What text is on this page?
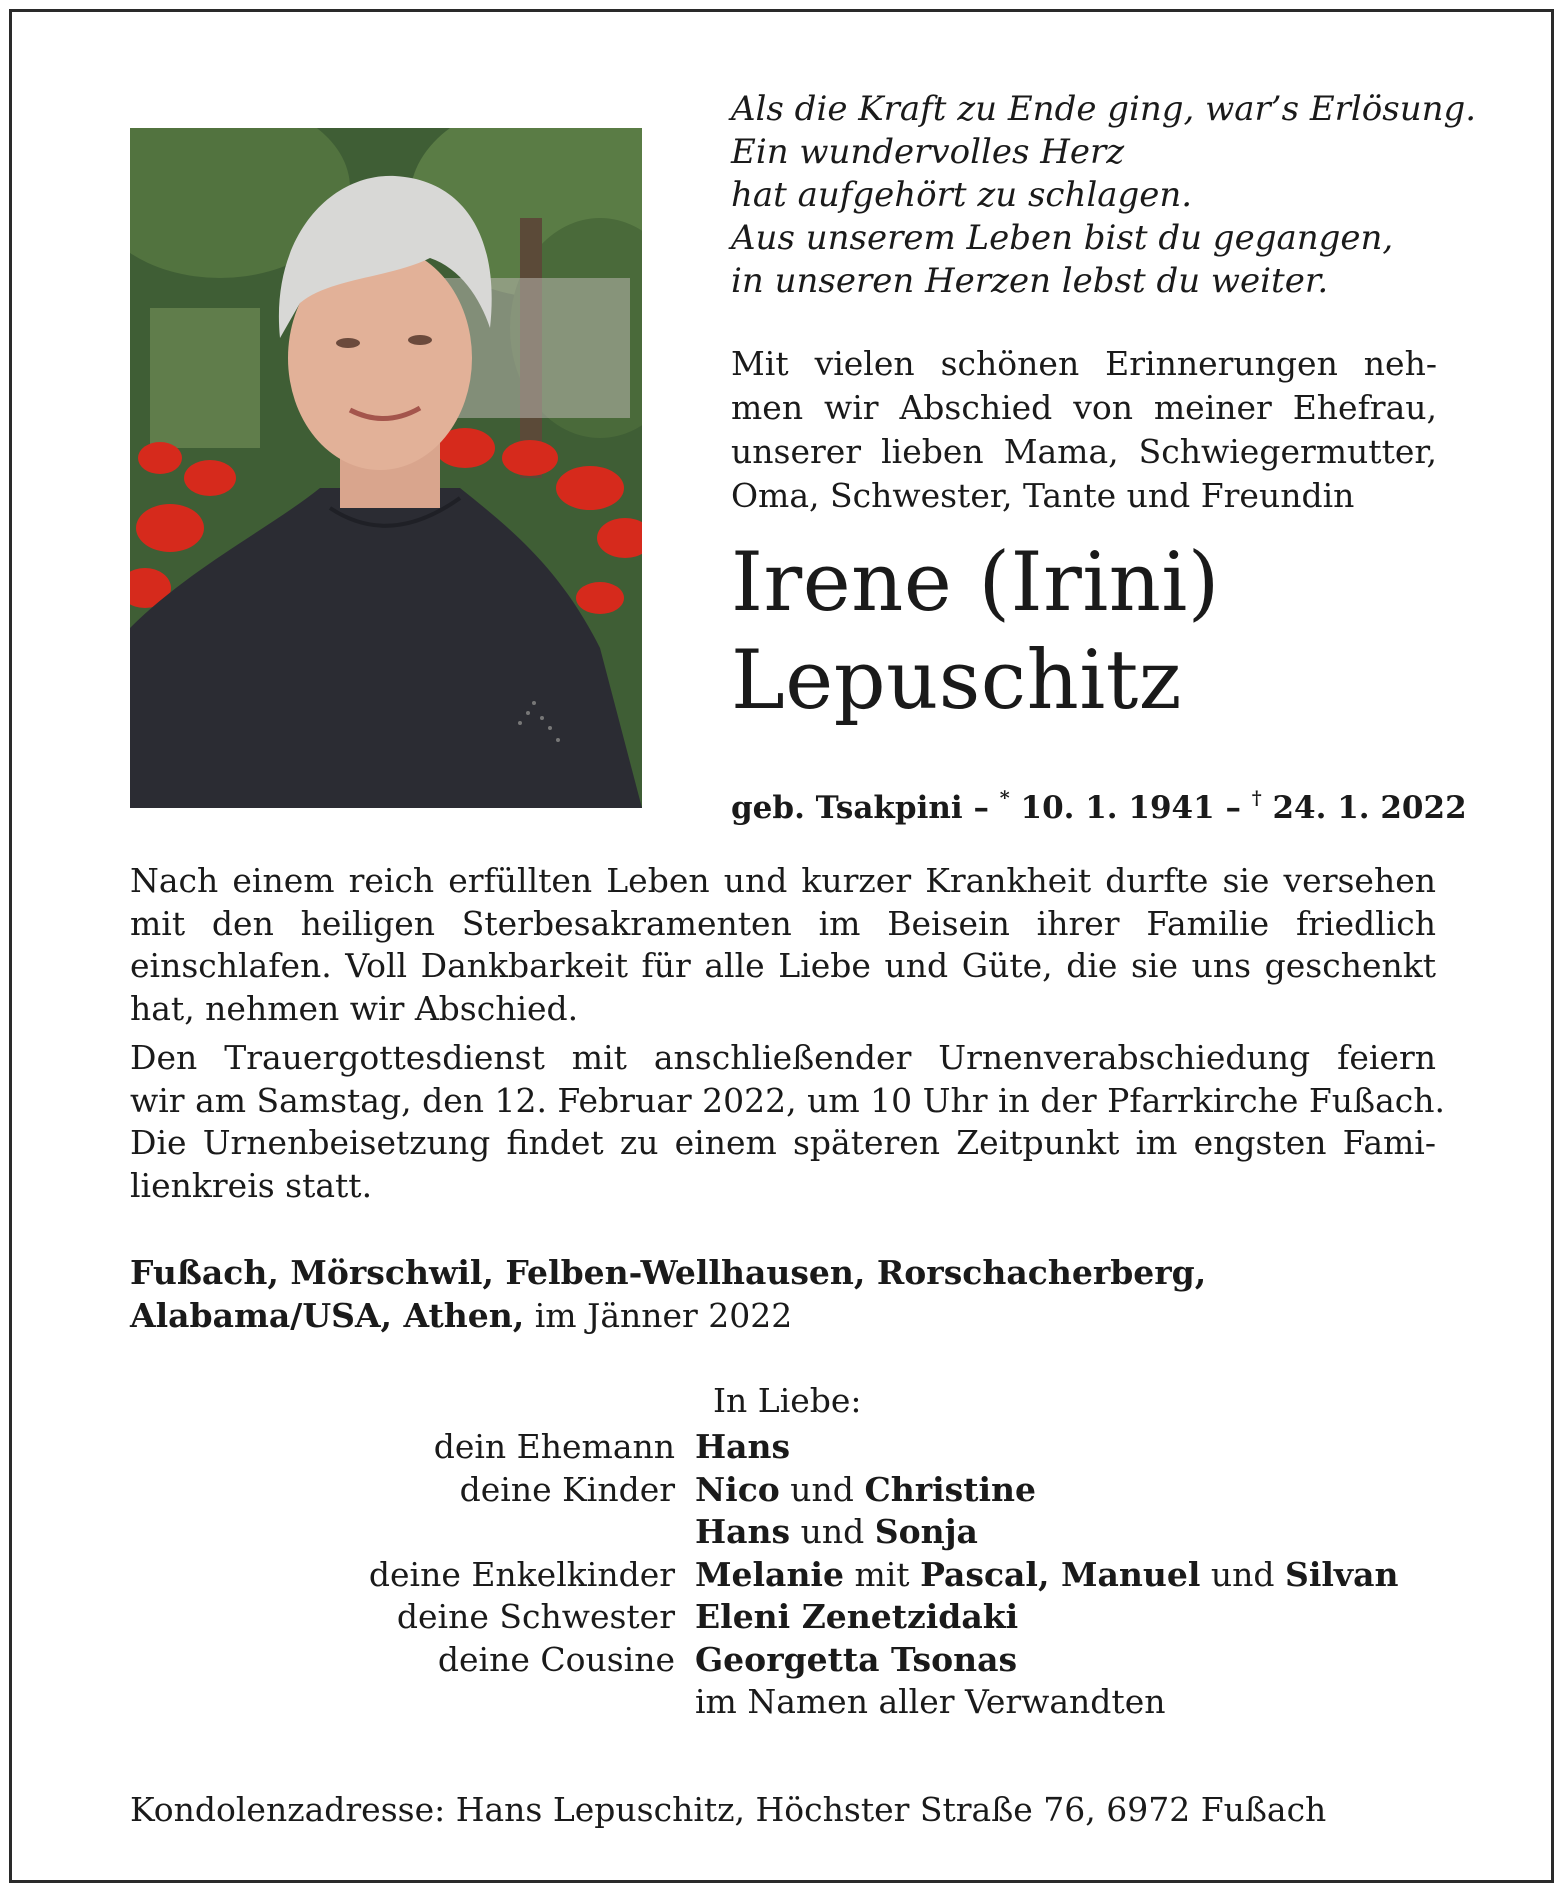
Als die Kraft zu Ende ging, war’s Erlösung.
Ein wundervolles Herz
hat aufgehört zu schlagen.
Aus unserem Leben bist du gegangen,
in unseren Herzen lebst du weiter.
Mit vielen schönen Erinnerungen neh-
men wir Abschied von meiner Ehefrau,
unserer lieben Mama, Schwiegermutter,
Oma, Schwester, Tante und Freundin
Irene (Irini)
Lepuschitz
geb. Tsakpini – * 10. 1. 1941 – † 24. 1. 2022
Nach einem reich erfüllten Leben und kurzer Krankheit durfte sie versehen
mit den heiligen Sterbesakramenten im Beisein ihrer Familie friedlich
einschlafen. Voll Dankbarkeit für alle Liebe und Güte, die sie uns geschenkt
hat, nehmen wir Abschied.
Den Trauergottesdienst mit anschließender Urnenverabschiedung feiern
wir am Samstag, den 12. Februar 2022, um 10 Uhr in der Pfarrkirche Fußach.
Die Urnenbeisetzung findet zu einem späteren Zeitpunkt im engsten Fami-
lienkreis statt.
Fußach, Mörschwil, Felben-Wellhausen, Rorschacherberg,
Alabama/USA, Athen, im Jänner 2022
In Liebe:
dein Ehemann Hans
deine Kinder Nico und Christine
Hans und Sonja
deine Enkelkinder Melanie mit Pascal, Manuel und Silvan
deine Schwester Eleni Zenetzidaki
deine Cousine Georgetta Tsonas
im Namen aller Verwandten
Kondolenzadresse: Hans Lepuschitz, Höchster Straße 76, 6972 Fußach
